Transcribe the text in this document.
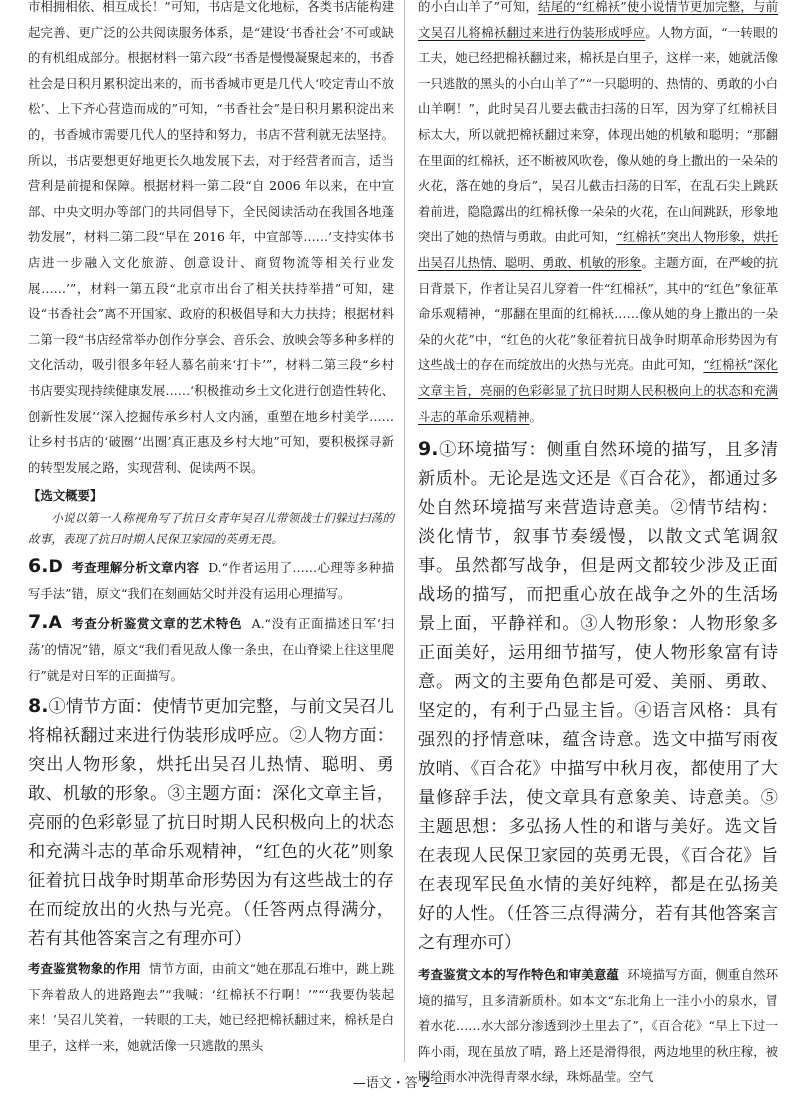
市相拥相依、相互成长！”可知，书店是文化地标，各类书店能构建起完善、更广泛的公共阅读服务体系，是“建设‘书香社会’不可或缺的有机组成部分。根据材料一第六段“书香是慢慢凝聚起来的，书香社会是日积月累积淀出来的，而书香城市更是几代人‘咬定青山不放松’、上下齐心营造而成的”可知，“书香社会”是日积月累积淀出来的，书香城市需要几代人的坚持和努力，书店不营利就无法坚持。所以，书店要想更好地更长久地发展下去，对于经营者而言，适当营利是前提和保障。根据材料一第二段“自 2006 年以来，在中宣部、中央文明办等部门的共同倡导下，全民阅读活动在我国各地蓬勃发展”，材料二第二段“早在 2016 年，中宣部等……‘支持实体书店进一步融入文化旅游、创意设计、商贸物流等相关行业发展……’”，材料一第五段“北京市出台了相关扶持举措”可知，建设“书香社会”离不开国家、政府的积极倡导和大力扶持；根据材料二第一段“书店经常举办创作分享会、音乐会、放映会等多种多样的文化活动，吸引很多年轻人慕名前来‘打卡’”，材料二第三段“乡村书店要实现持续健康发展……‘积极推动乡土文化进行创造性转化、创新性发展’‘深入挖掘传承乡村人文内涵，重塑在地乡村美学……让乡村书店的‘破圈’‘出圈’真正惠及乡村大地”可知，要积极探寻新的转型发展之路，实现营利、促读两不误。

【选文概要】

小说以第一人称视角写了抗日女青年吴召儿带领战士们躲过扫荡的故事，表现了抗日时期人民保卫家园的英勇无畏。

6.D 考查理解分析文章内容 D.“作者运用了……心理等多种描写手法”错，原文“我们在刻画姑父时并没有运用心理描写。

7.A 考查分析鉴赏文章的艺术特色 A.“没有正面描述日军‘扫荡’的情况”错，原文“我们看见敌人像一条虫，在山脊梁上往这里爬行”就是对日军的正面描写。

8.①情节方面：使情节更加完整，与前文吴召儿将棉袄翻过来进行伪装形成呼应。②人物方面：突出人物形象，烘托出吴召儿热情、聪明、勇敢、机敏的形象。③主题方面：深化文章主旨，亮丽的色彩彰显了抗日时期人民积极向上的状态和充满斗志的革命乐观精神，“红色的火花”则象征着抗日战争时期革命形势因为有这些战士的存在而绽放出的火热与光亮。（任答两点得满分，若有其他答案言之有理亦可）

考查鉴赏物象的作用 情节方面，由前文“她在那乱石堆中，跳上跳下奔着敌人的进路跑去”“我喊：‘红棉袄不行啊！’”“‘我要伪装起来！’吴召儿笑着，一转眼的工夫，她已经把棉袄翻过来，棉袄是白里子，这样一来，她就活像一只逃散的黑头

的小白山羊了”可知，结尾的“红棉袄”使小说情节更加完整，与前文吴召儿将棉袄翻过来进行伪装形成呼应。人物方面，“一转眼的工夫，她已经把棉袄翻过来，棉袄是白里子，这样一来，她就活像一只逃散的黑头的小白山羊了”“一只聪明的、热情的、勇敢的小白山羊啊！”，此时吴召儿要去截击扫荡的日军，因为穿了红棉袄目标太大，所以就把棉袄翻过来穿，体现出她的机敏和聪明；“那翻在里面的红棉袄，还不断被风吹卷，像从她的身上撒出的一朵朵的火花，落在她的身后”，吴召儿截击扫荡的日军，在乱石尖上跳跃着前进，隐隐露出的红棉袄像一朵朵的火花，在山间跳跃，形象地突出了她的热情与勇敢。由此可知，“红棉袄”突出人物形象，烘托出吴召儿热情、聪明、勇敢、机敏的形象。主题方面，在严峻的抗日背景下，作者让吴召儿穿着一件“红棉袄”，其中的“红色”象征革命乐观精神，“那翻在里面的红棉袄……像从她的身上撒出的一朵朵的火花”中，“红色的火花”象征着抗日战争时期革命形势因为有这些战士的存在而绽放出的火热与光亮。由此可知，“红棉袄”深化文章主旨，亮丽的色彩彰显了抗日时期人民积极向上的状态和充满斗志的革命乐观精神。

9.①环境描写：侧重自然环境的描写，且多清新质朴。无论是选文还是《百合花》，都通过多处自然环境描写来营造诗意美。②情节结构：淡化情节，叙事节奏缓慢，以散文式笔调叙事。虽然都写战争，但是两文都较少涉及正面战场的描写，而把重心放在战争之外的生活场景上面，平静祥和。③人物形象：人物形象多正面美好，运用细节描写，使人物形象富有诗意。两文的主要角色都是可爱、美丽、勇敢、坚定的，有利于凸显主旨。④语言风格：具有强烈的抒情意味，蕴含诗意。选文中描写雨夜放哨、《百合花》中描写中秋月夜，都使用了大量修辞手法，使文章具有意象美、诗意美。⑤主题思想：多弘扬人性的和谐与美好。选文旨在表现人民保卫家园的英勇无畏，《百合花》旨在表现军民鱼水情的美好纯粹，都是在弘扬美好的人性。（任答三点得满分，若有其他答案言之有理亦可）

考查鉴赏文本的写作特色和审美意蕴 环境描写方面，侧重自然环境的描写，且多清新质朴。如本文“东北角上一洼小小的泉水，冒着水花……水大部分渗透到沙土里去了”，《百合花》“早上下过一阵小雨，现在虽放了晴，路上还是滑得很，两边地里的秋庄稼，被刷给雨水冲洗得青翠水绿，珠烁晶莹。空气

—语文・答 2 —
